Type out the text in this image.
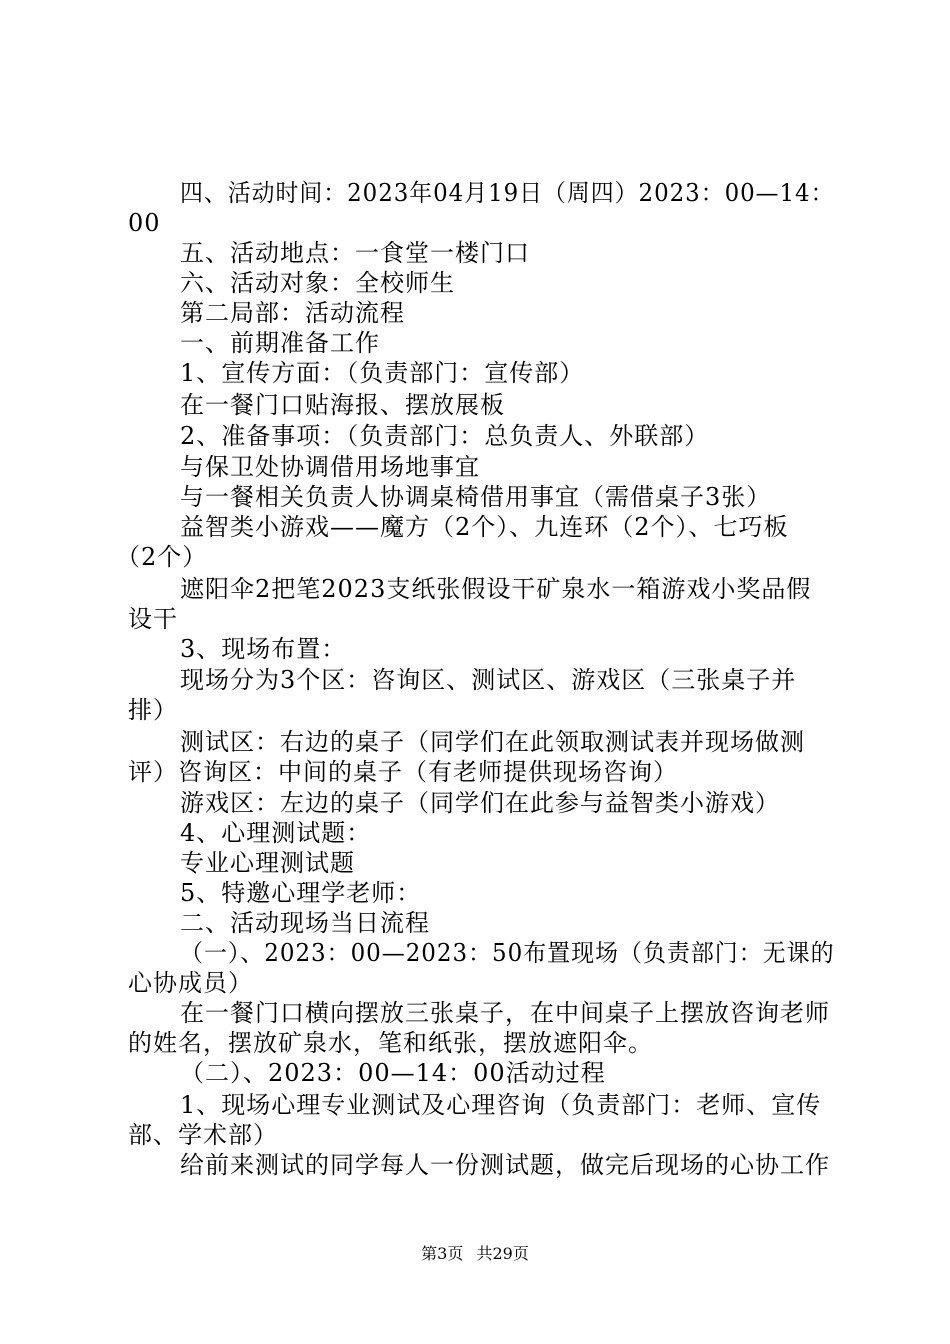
四、活动时间：2023年04月19日（周四）2023：00—14：
00
五、活动地点：一食堂一楼门口
六、活动对象：全校师生
第二局部：活动流程
一、前期准备工作
1、宣传方面：（负责部门：宣传部）
在一餐门口贴海报、摆放展板
2、准备事项：（负责部门：总负责人、外联部）
与保卫处协调借用场地事宜
与一餐相关负责人协调桌椅借用事宜（需借桌子3张）
益智类小游戏——魔方（2个）、九连环（2个）、七巧板
（2个）
遮阳伞2把笔2023支纸张假设干矿泉水一箱游戏小奖品假
设干
3、现场布置：
现场分为3个区：咨询区、测试区、游戏区（三张桌子并
排）
测试区：右边的桌子（同学们在此领取测试表并现场做测
评）咨询区：中间的桌子（有老师提供现场咨询）
游戏区：左边的桌子（同学们在此参与益智类小游戏）
4、心理测试题：
专业心理测试题
5、特邀心理学老师：
二、活动现场当日流程
（一）、2023：00—2023：50布置现场（负责部门：无课的
心协成员）
在一餐门口横向摆放三张桌子，在中间桌子上摆放咨询老师
的姓名，摆放矿泉水，笔和纸张，摆放遮阳伞。
（二）、2023：00—14：00活动过程
1、现场心理专业测试及心理咨询（负责部门：老师、宣传
部、学术部）
给前来测试的同学每人一份测试题，做完后现场的心协工作
第3页 共29页
